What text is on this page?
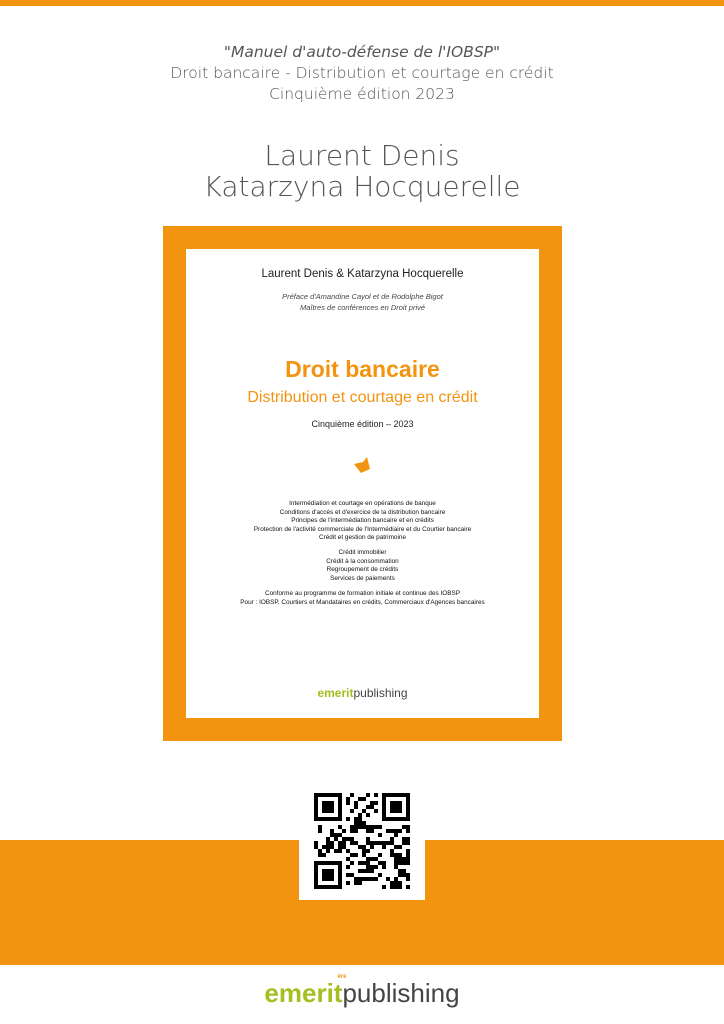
"Manuel d'auto-défense de l'IOBSP"
Droit bancaire - Distribution et courtage en crédit
Cinquième édition 2023
Laurent Denis
Katarzyna Hocquerelle
Laurent Denis & Katarzyna Hocquerelle
Préface d'Amandine Cayol et de Rodolphe Bigot
Maîtres de conférences en Droit privé
Droit bancaire
Distribution et courtage en crédit
Cinquième édition – 2023
Intermédiation et courtage en opérations de banque
Conditions d'accès et d'exercice de la distribution bancaire
Principes de l'intermédiation bancaire et en crédits
Protection de l'activité commerciale de l'Intermédiaire et du Courtier bancaire
Crédit et gestion de patrimoine
Crédit immobilier
Crédit à la consommation
Regroupement de crédits
Services de paiements
Conforme au programme de formation initiale et continue des IOBSP
Pour : IOBSP, Courtiers et Mandataires en crédits, Commerciaux d'Agences bancaires
emeritpublishing
emerit
ére
publishing
